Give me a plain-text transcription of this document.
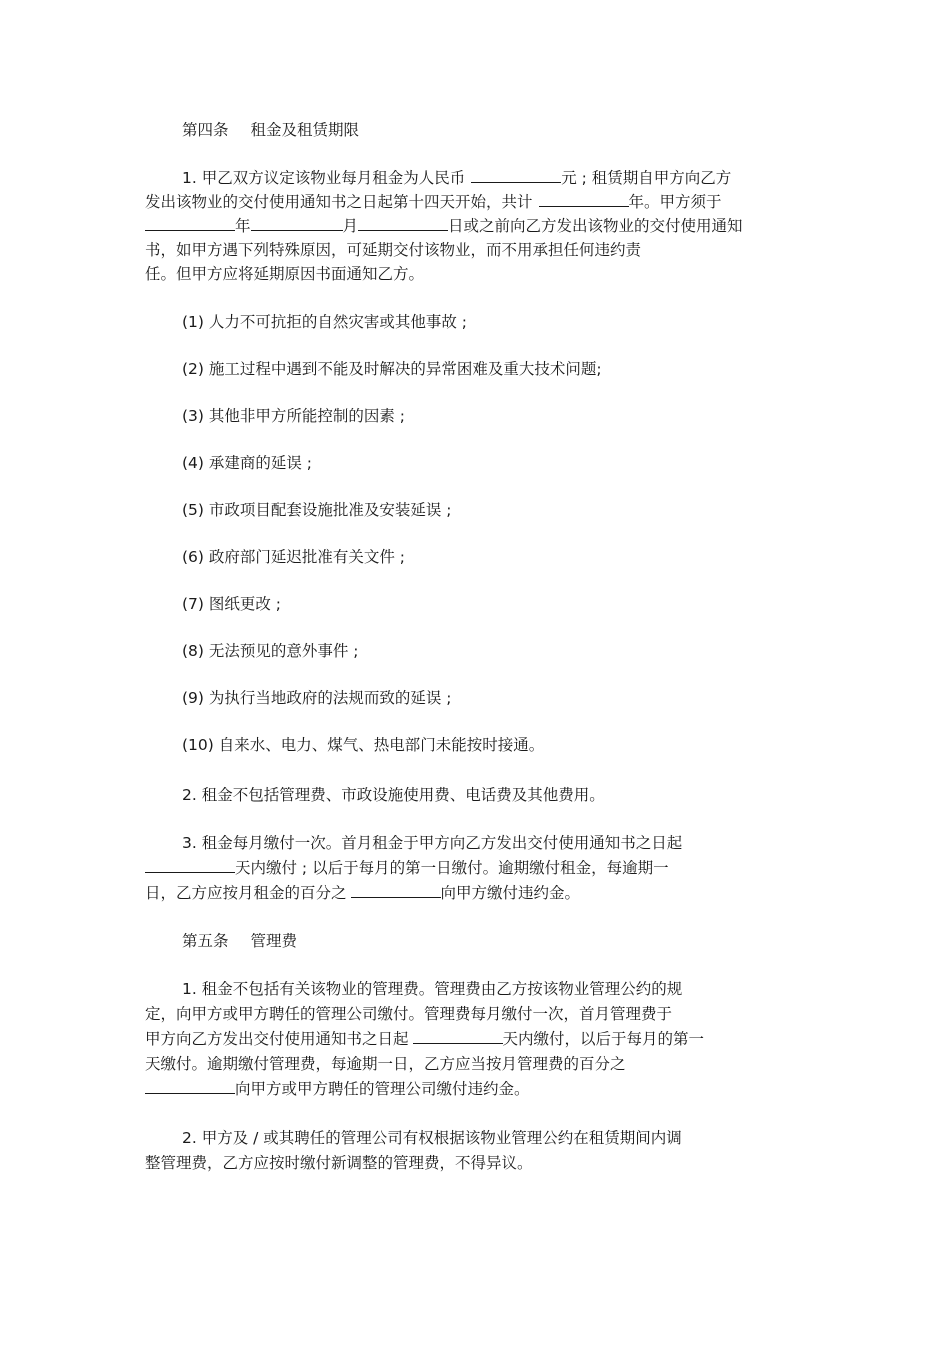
第四条 租金及租赁期限
1. 甲乙双方议定该物业每月租金为人民币	元 ; 租赁期自甲方向乙方
发出该物业的交付使用通知书之日起第十四天开始，共计	年。甲方须于
年	月	日或之前向乙方发出该物业的交付使用通知
书，如甲方遇下列特殊原因，可延期交付该物业，而不用承担任何违约责
任。但甲方应将延期原因书面通知乙方。
(1) 人力不可抗拒的自然灾害或其他事故 ;
(2) 施工过程中遇到不能及时解决的异常困难及重大技术问题;
(3) 其他非甲方所能控制的因素 ;
(4) 承建商的延误 ;
(5) 市政项目配套设施批准及安装延误 ;
(6) 政府部门延迟批准有关文件 ;
(7) 图纸更改 ;
(8) 无法预见的意外事件 ;
(9) 为执行当地政府的法规而致的延误 ;
(10) 自来水、电力、煤气、热电部门未能按时接通。
2. 租金不包括管理费、市政设施使用费、电话费及其他费用。
3. 租金每月缴付一次。首月租金于甲方向乙方发出交付使用通知书之日起
天内缴付 ; 以后于每月的第一日缴付。逾期缴付租金，每逾期一
日，乙方应按月租金的百分之	向甲方缴付违约金。
第五条 管理费
1. 租金不包括有关该物业的管理费。管理费由乙方按该物业管理公约的规
定，向甲方或甲方聘任的管理公司缴付。管理费每月缴付一次，首月管理费于
甲方向乙方发出交付使用通知书之日起	天内缴付，以后于每月的第一
天缴付。逾期缴付管理费，每逾期一日，乙方应当按月管理费的百分之
向甲方或甲方聘任的管理公司缴付违约金。
2. 甲方及 / 或其聘任的管理公司有权根据该物业管理公约在租赁期间内调
整管理费，乙方应按时缴付新调整的管理费，不得异议。
